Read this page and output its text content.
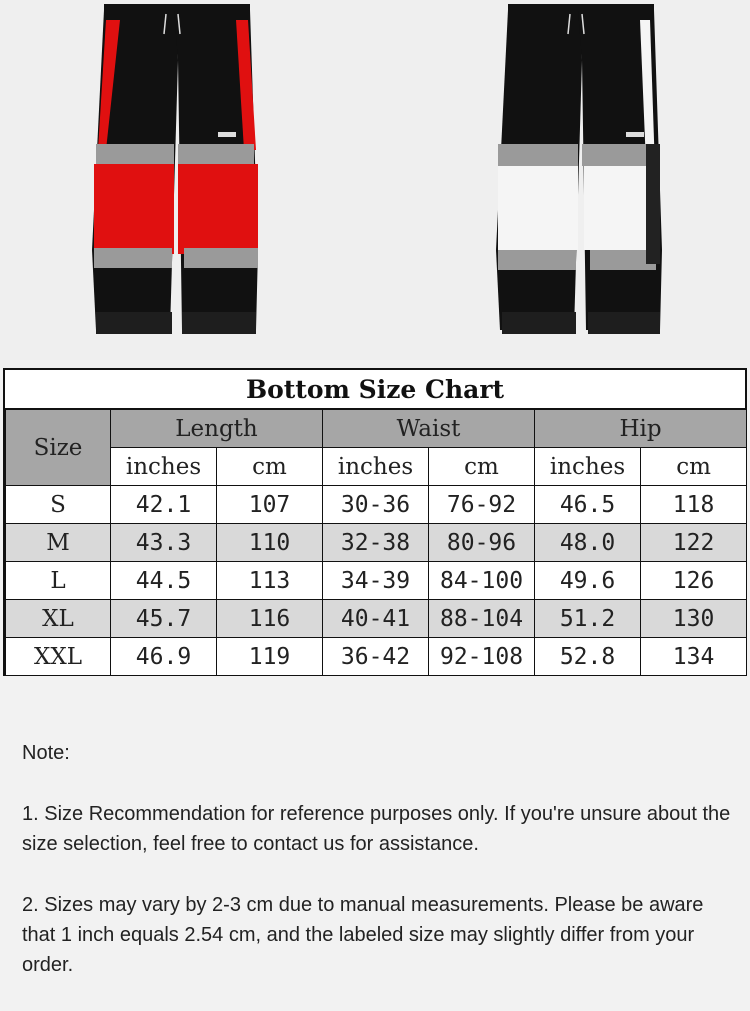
Bottom Size Chart
Size	Length		Waist		Hip	
	inches	cm	inches	cm	inches	cm
S	42.1	107	30-36	76-92	46.5	118
M	43.3	110	32-38	80-96	48.0	122
L	44.5	113	34-39	84-100	49.6	126
XL	45.7	116	40-41	88-104	51.2	130
XXL	46.9	119	36-42	92-108	52.8	134

Note:

1. Size Recommendation for reference purposes only. If you're unsure about the size selection, feel free to contact us for assistance.

2. Sizes may vary by 2-3 cm due to manual measurements. Please be aware that 1 inch equals 2.54 cm, and the labeled size may slightly differ from your order.
